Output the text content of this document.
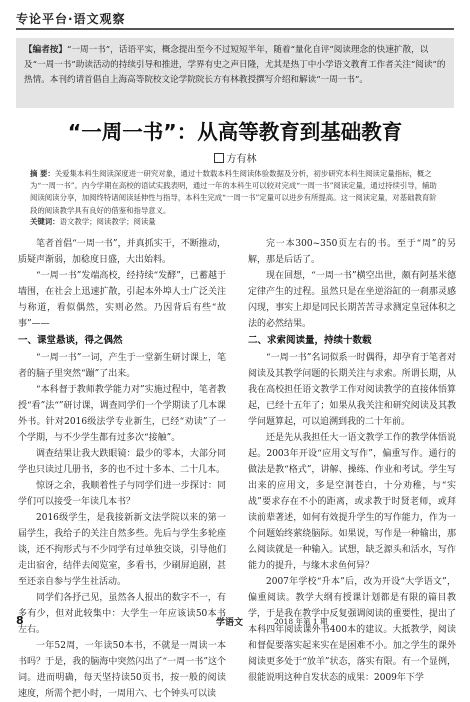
专论平台·语文观察
【编者按】“一周一书”，话语平实，概念提出至今不过短短半年，随着“量化自评”阅读理念的快速扩散，以及“一周一书”助读活动的持续引导和推进，学界有史之声日隆，尤其是热丁中小学语文教育工作者关注“阅读”的热情。本刊约请首倡自上海高等院校文论学院院长方有林教授撰写介绍和解读“一周一书”。
“一周一书”：从高等教育到基础教育
方有林
摘 要：关爱集本科生阅读深度进一研究对象，通过十数载本科生阅读体验数据及分析，初步研究本科生阅读定量指标，概之为“一周一书”。内今学期在高校的语试实践表明，通过一年的本科生可以较对完成“一周一书”阅读定量，通过持续引导，辅助阅读阅读分享，加阅终特诸阅读延伸性与指导，本科生完成“一周一书”定量可以进步有所提高。这一阅读定量，对基础教育阶段的阅读教学具有良好的借鉴和指导意义。
关键词：语文教学；阅读教学；阅读量

笔者首倡“一周一书”，并真抓实干，不断推动，质疑声渐弱，加稔度日盛，大出始料。

“一周一书”发端高校，经持续“发酵”，已蓄越于墙围，在社会上迅速扩散，引起本外埠人士广泛关注与称道，看似偶然，实则必然。乃因背后有些“故事”——

一、课堂悬谈，得之偶然

“一周一书”一词，产生于一堂新生研讨课上，笔者的脑子里突然“蹦”了出来。

“本科督于教师教学能力对”实施过程中，笔者教授“看”法“”研讨课，调查同学们一个学期读了几本课外书。针对2016级法学专业新生，已经“劝读”了一个学期，与不少学生都有过多次“接触”。

调查结果让我大跌眼镜：最少的零本，大部分同学也只读过几册书，多的也不过十多本、二十几本。

惊讶之余，我顺着性子与同学们进一步探讨：同学们可以接受一年读几本书？

2016级学生，是我接新新文法学院以来的第一届学生，我给子的关注自然多些。先后与学生多轮座谈，还不拘形式与不少同学有过单独交谈，引导他们走出宿舍，结伴去阅览室，多看书，少刷屏追剧，甚至还亲自参与学生社活动。

同学们各抒己见，虽然各人报出的数字不一，有多有少，但对此较集中：大学生一年应该读50本书左右。

一年52周，一年读50本书，不就是一周读一本书吗？于是，我的脑海中突然闪出了“一周一书”这个词。进而明确，每天坚持读50页书，按一般的阅读速度，所需个把小时，一周用六、七个钟头可以读

完一本300~350页左右的书。至于“周”的另解，那是后话了。

现在回想，“一周一书”横空出世，颇有阿基米德定律产生的过程。虽然只是在坐逆浴缸的一刹那灵感闪现，事实上却是同民长期苦苦寻求测定皇冠体积之法的必然结果。

二、求索阅读量，持续十数载

“一周一书”名词似系一时偶得，却孕育于笔者对阅读及其教学问题的长期关注与求索。所谓长期，从我在高校担任语文教学工作对阅读教学的直接体悟算起，已经十五年了；如果从我关注和研究阅读及其教学问题算起，可以追溯到我的二十年前。

还是先从我担任大一语文教学工作的教学体悟说起。2003年开设“应用文写作”，偏重写作。通行的做法是教“格式”，讲解、操练、作业和考试。学生写出来的应用文，多是空洞苍白，十分劝稚，与“实战”要求存在不小的距离，或求教于时贤老师，或拜读前辈著述，如何有效提升学生的写作能力，作为一个问题始终萦绕脑际。如果说，写作是一种输出，那么阅读就是一种输入。试想，缺乏源头和活水，写作能力的提升，与缘木求鱼何异？

2007年学校“升本”后，改为开设“大学语文”，偏重阅读。教学大纲有授课计划都是有限的篇目教学，于是我在教学中反复强调阅读的重要性，提出了本科四年阅读课外书400本的建议。大抵教学，阅读和督促要落实起来实在是困难不小。加之学生的课外阅读更多处于“放羊”状态，落实有限。有一个显例，很能说明这种自发状态的成果：2009年下学

8	学语文	2018 年第 1 期
